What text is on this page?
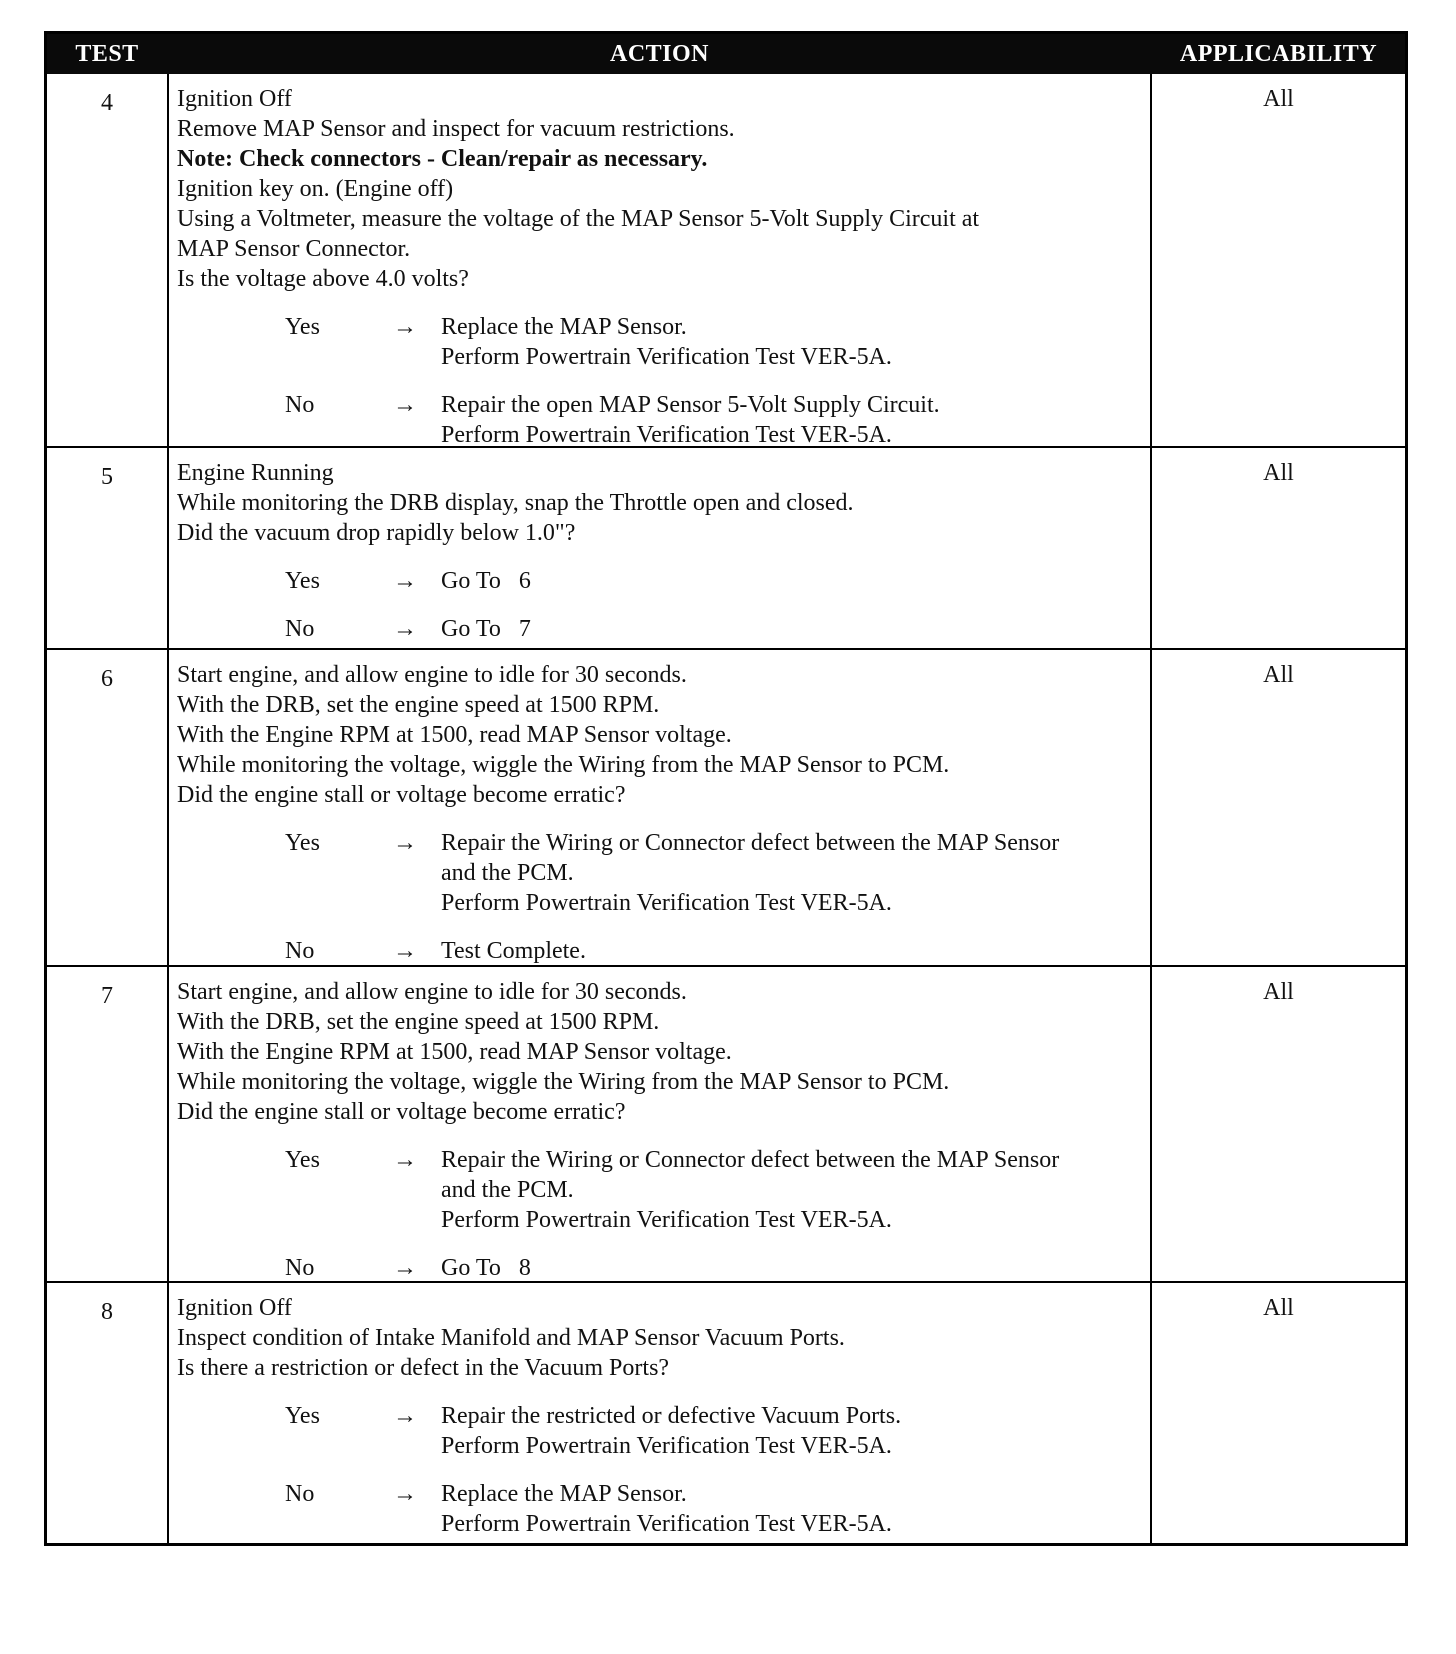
TEST	ACTION	APPLICABILITY
4	Ignition Off
Remove MAP Sensor and inspect for vacuum restrictions.
Note: Check connectors - Clean/repair as necessary.
Ignition key on. (Engine off)
Using a Voltmeter, measure the voltage of the MAP Sensor 5-Volt Supply Circuit at
MAP Sensor Connector.
Is the voltage above 4.0 volts?
Yes	→	Replace the MAP Sensor.
Perform Powertrain Verification Test VER-5A.
No	→	Repair the open MAP Sensor 5-Volt Supply Circuit.
Perform Powertrain Verification Test VER-5A.
All
5	Engine Running
While monitoring the DRB display, snap the Throttle open and closed.
Did the vacuum drop rapidly below 1.0"?
Yes	→	Go To   6
No	→	Go To   7
All
6	Start engine, and allow engine to idle for 30 seconds.
With the DRB, set the engine speed at 1500 RPM.
With the Engine RPM at 1500, read MAP Sensor voltage.
While monitoring the voltage, wiggle the Wiring from the MAP Sensor to PCM.
Did the engine stall or voltage become erratic?
Yes	→	Repair the Wiring or Connector defect between the MAP Sensor
and the PCM.
Perform Powertrain Verification Test VER-5A.
No	→	Test Complete.
All
7	Start engine, and allow engine to idle for 30 seconds.
With the DRB, set the engine speed at 1500 RPM.
With the Engine RPM at 1500, read MAP Sensor voltage.
While monitoring the voltage, wiggle the Wiring from the MAP Sensor to PCM.
Did the engine stall or voltage become erratic?
Yes	→	Repair the Wiring or Connector defect between the MAP Sensor
and the PCM.
Perform Powertrain Verification Test VER-5A.
No	→	Go To   8
All
8	Ignition Off
Inspect condition of Intake Manifold and MAP Sensor Vacuum Ports.
Is there a restriction or defect in the Vacuum Ports?
Yes	→	Repair the restricted or defective Vacuum Ports.
Perform Powertrain Verification Test VER-5A.
No	→	Replace the MAP Sensor.
Perform Powertrain Verification Test VER-5A.
All
